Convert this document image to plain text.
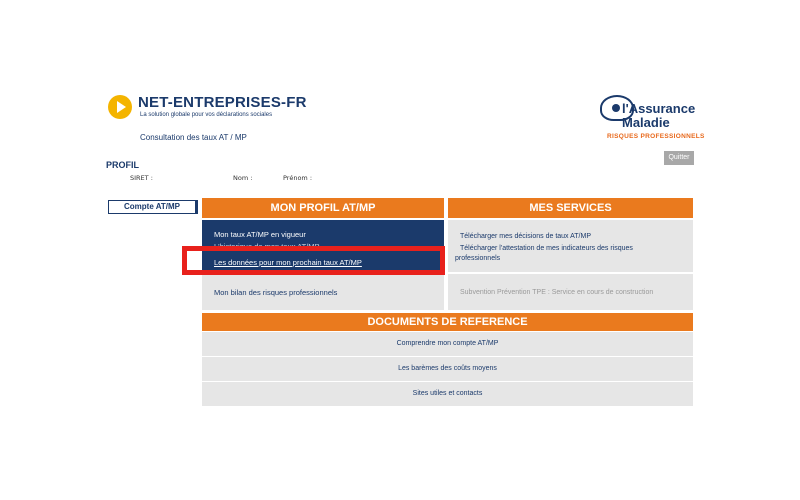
NET-ENTREPRISES-FR
La solution globale pour vos déclarations sociales
Consultation des taux AT / MP
l'Assurance
Maladie
RISQUES PROFESSIONNELS
Quitter
PROFIL
SIRET :	Nom :	Prénom :
Compte AT/MP	MON PROFIL AT/MP	MES SERVICES
Mon taux AT/MP en vigueur
L'historique de mon taux AT/MP
Les données pour mon prochain taux AT/MP
Télécharger mes décisions de taux AT/MP
Télécharger l'attestation de mes indicateurs des risques
professionnels
Mon bilan des risques professionnels	Subvention Prévention TPE : Service en cours de construction
DOCUMENTS DE REFERENCE
Comprendre mon compte AT/MP
Les barèmes des coûts moyens
Sites utiles et contacts
